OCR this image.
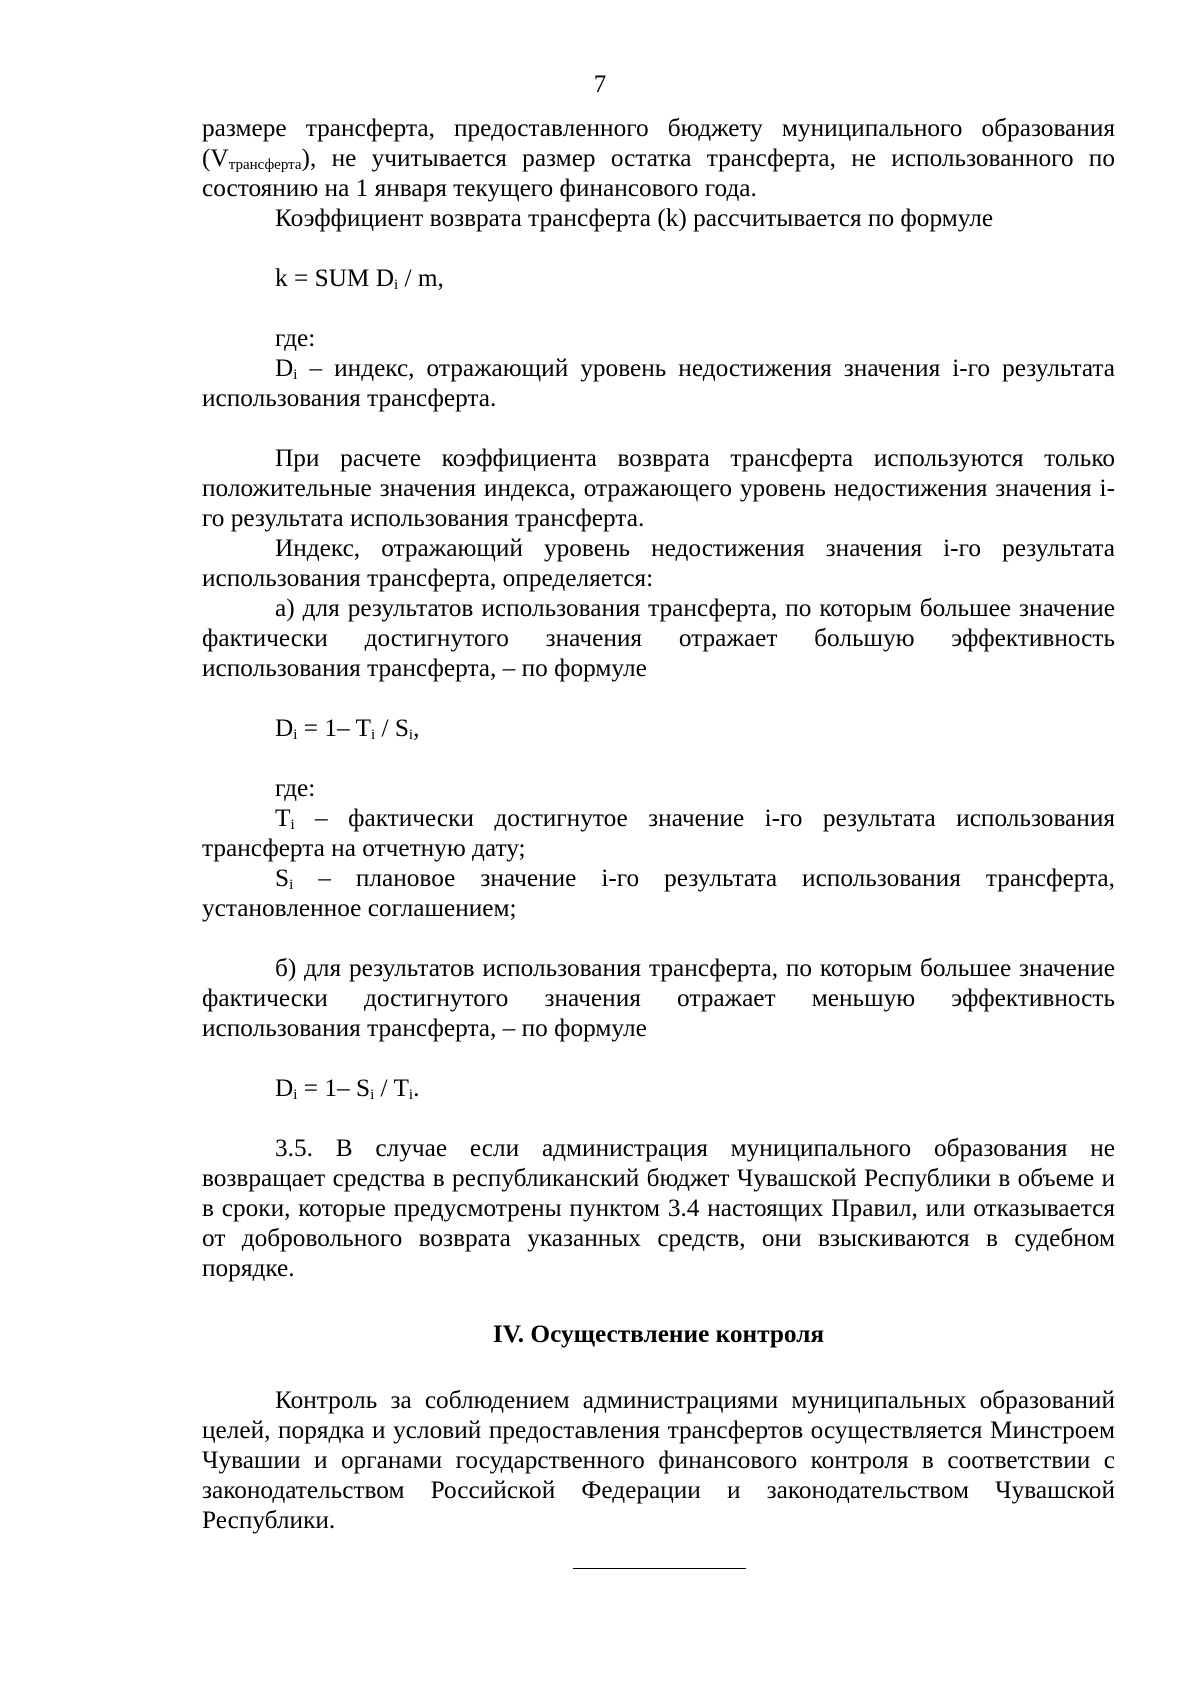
7

размере трансферта, предоставленного бюджету муниципального образования $(V_{трансферта})$, не учитывается размер остатка трансферта, не использованного по состоянию на 1 января текущего финансового года.

Коэффициент возврата трансферта (k) рассчитывается по формуле

k = SUM $D_i$ / m,

где:

$D_i$ – индекс, отражающий уровень недостижения значения i-го результата использования трансферта.

При расчете коэффициента возврата трансферта используются только положительные значения индекса, отражающего уровень недостижения значения i-го результата использования трансферта.

Индекс, отражающий уровень недостижения значения i-го результата использования трансферта, определяется:

а) для результатов использования трансферта, по которым большее значение фактически достигнутого значения отражает большую эффективность использования трансферта, – по формуле

$D_i = 1-$ $T_i / S_i$,

где:

$T_i$ – фактически достигнутое значение i-го результата использования трансферта на отчетную дату;

$S_i$ – плановое значение i-го результата использования трансферта, установленное соглашением;

б) для результатов использования трансферта, по которым большее значение фактически достигнутого значения отражает меньшую эффективность использования трансферта, – по формуле

$D_i = 1-$ $S_i / T_i$.

3.5. В случае если администрация муниципального образования не возвращает средства в республиканский бюджет Чувашской Республики в объеме и в сроки, которые предусмотрены пунктом 3.4 настоящих Правил, или отказывается от добровольного возврата указанных средств, они взыскиваются в судебном порядке.

IV. Осуществление контроля

Контроль за соблюдением администрациями муниципальных образований целей, порядка и условий предоставления трансфертов осуществляется Минстроем Чувашии и органами государственного финансового контроля в соответствии с законодательством Российской Федерации и законодательством Чувашской Республики.
